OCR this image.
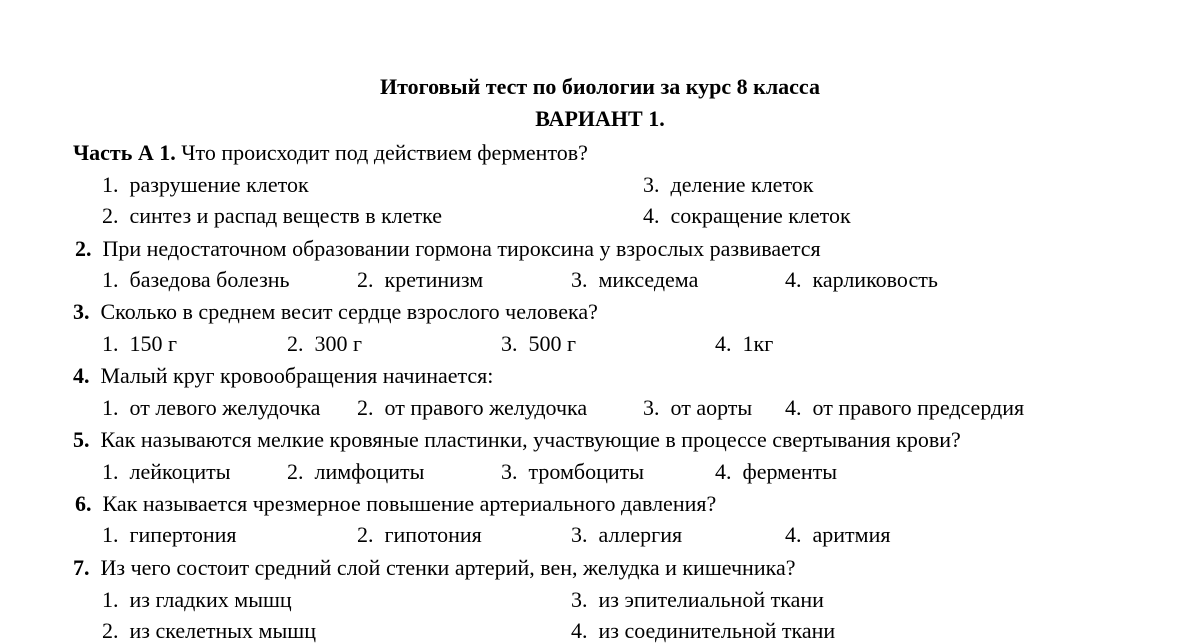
Итоговый тест по биологии за курс 8 класса
ВАРИАНТ 1.
Часть А 1. Что происходит под действием ферментов?
1. разрушение клеток	3. деление клеток
2. синтез и распад веществ в клетке	4. сокращение клеток
2. При недостаточном образовании гормона тироксина у взрослых развивается
1. базедова болезнь	2. кретинизм	3. микседема	4. карликовость
3. Сколько в среднем весит сердце взрослого человека?
1. 150 г	2. 300 г	3. 500 г	4. 1кг
4. Малый круг кровообращения начинается:
1. от левого желудочка 2. от правого желудочка	3. от аорты 4. от правого предсердия
5. Как называются мелкие кровяные пластинки, участвующие в процессе свертывания крови?
1. лейкоциты	2. лимфоциты	3. тромбоциты	4. ферменты
6. Как называется чрезмерное повышение артериального давления?
1. гипертония	2. гипотония	3. аллергия	4. аритмия
7. Из чего состоит средний слой стенки артерий, вен, желудка и кишечника?
1. из гладких мышц	3. из эпителиальной ткани
2. из скелетных мышц	4. из соединительной ткани
